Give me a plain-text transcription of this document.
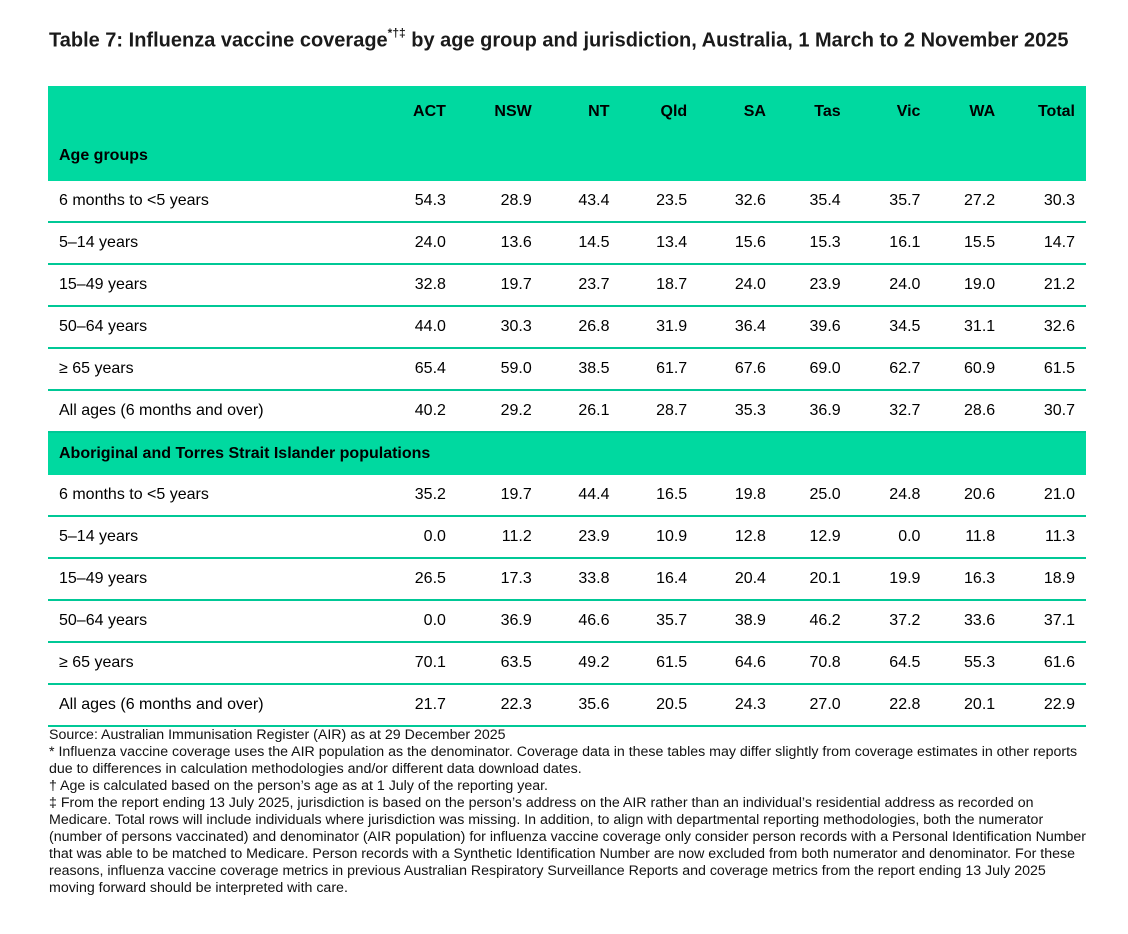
Table 7: Influenza vaccine coverage*†‡ by age group and jurisdiction, Australia, 1 March to 2 November 2025
	ACT	NSW	NT	Qld	SA	Tas	Vic	WA	Total
Age groups									
6 months to <5 years	54.3	28.9	43.4	23.5	32.6	35.4	35.7	27.2	30.3
5–14 years	24.0	13.6	14.5	13.4	15.6	15.3	16.1	15.5	14.7
15–49 years	32.8	19.7	23.7	18.7	24.0	23.9	24.0	19.0	21.2
50–64 years	44.0	30.3	26.8	31.9	36.4	39.6	34.5	31.1	32.6
≥ 65 years	65.4	59.0	38.5	61.7	67.6	69.0	62.7	60.9	61.5
All ages (6 months and over)	40.2	29.2	26.1	28.7	35.3	36.9	32.7	28.6	30.7
Aboriginal and Torres Strait Islander populations									
6 months to <5 years	35.2	19.7	44.4	16.5	19.8	25.0	24.8	20.6	21.0
5–14 years	0.0	11.2	23.9	10.9	12.8	12.9	0.0	11.8	11.3
15–49 years	26.5	17.3	33.8	16.4	20.4	20.1	19.9	16.3	18.9
50–64 years	0.0	36.9	46.6	35.7	38.9	46.2	37.2	33.6	37.1
≥ 65 years	70.1	63.5	49.2	61.5	64.6	70.8	64.5	55.3	61.6
All ages (6 months and over)	21.7	22.3	35.6	20.5	24.3	27.0	22.8	20.1	22.9

Source: Australian Immunisation Register (AIR) as at 29 December 2025

* Influenza vaccine coverage uses the AIR population as the denominator. Coverage data in these tables may differ slightly from coverage estimates in other reports due to differences in calculation methodologies and/or different data download dates.

† Age is calculated based on the person’s age as at 1 July of the reporting year.

‡ From the report ending 13 July 2025, jurisdiction is based on the person’s address on the AIR rather than an individual’s residential address as recorded on Medicare. Total rows will include individuals where jurisdiction was missing. In addition, to align with departmental reporting methodologies, both the numerator (number of persons vaccinated) and denominator (AIR population) for influenza vaccine coverage only consider person records with a Personal Identification Number that was able to be matched to Medicare. Person records with a Synthetic Identification Number are now excluded from both numerator and denominator. For these reasons, influenza vaccine coverage metrics in previous Australian Respiratory Surveillance Reports and coverage metrics from the report ending 13 July 2025 moving forward should be interpreted with care.
